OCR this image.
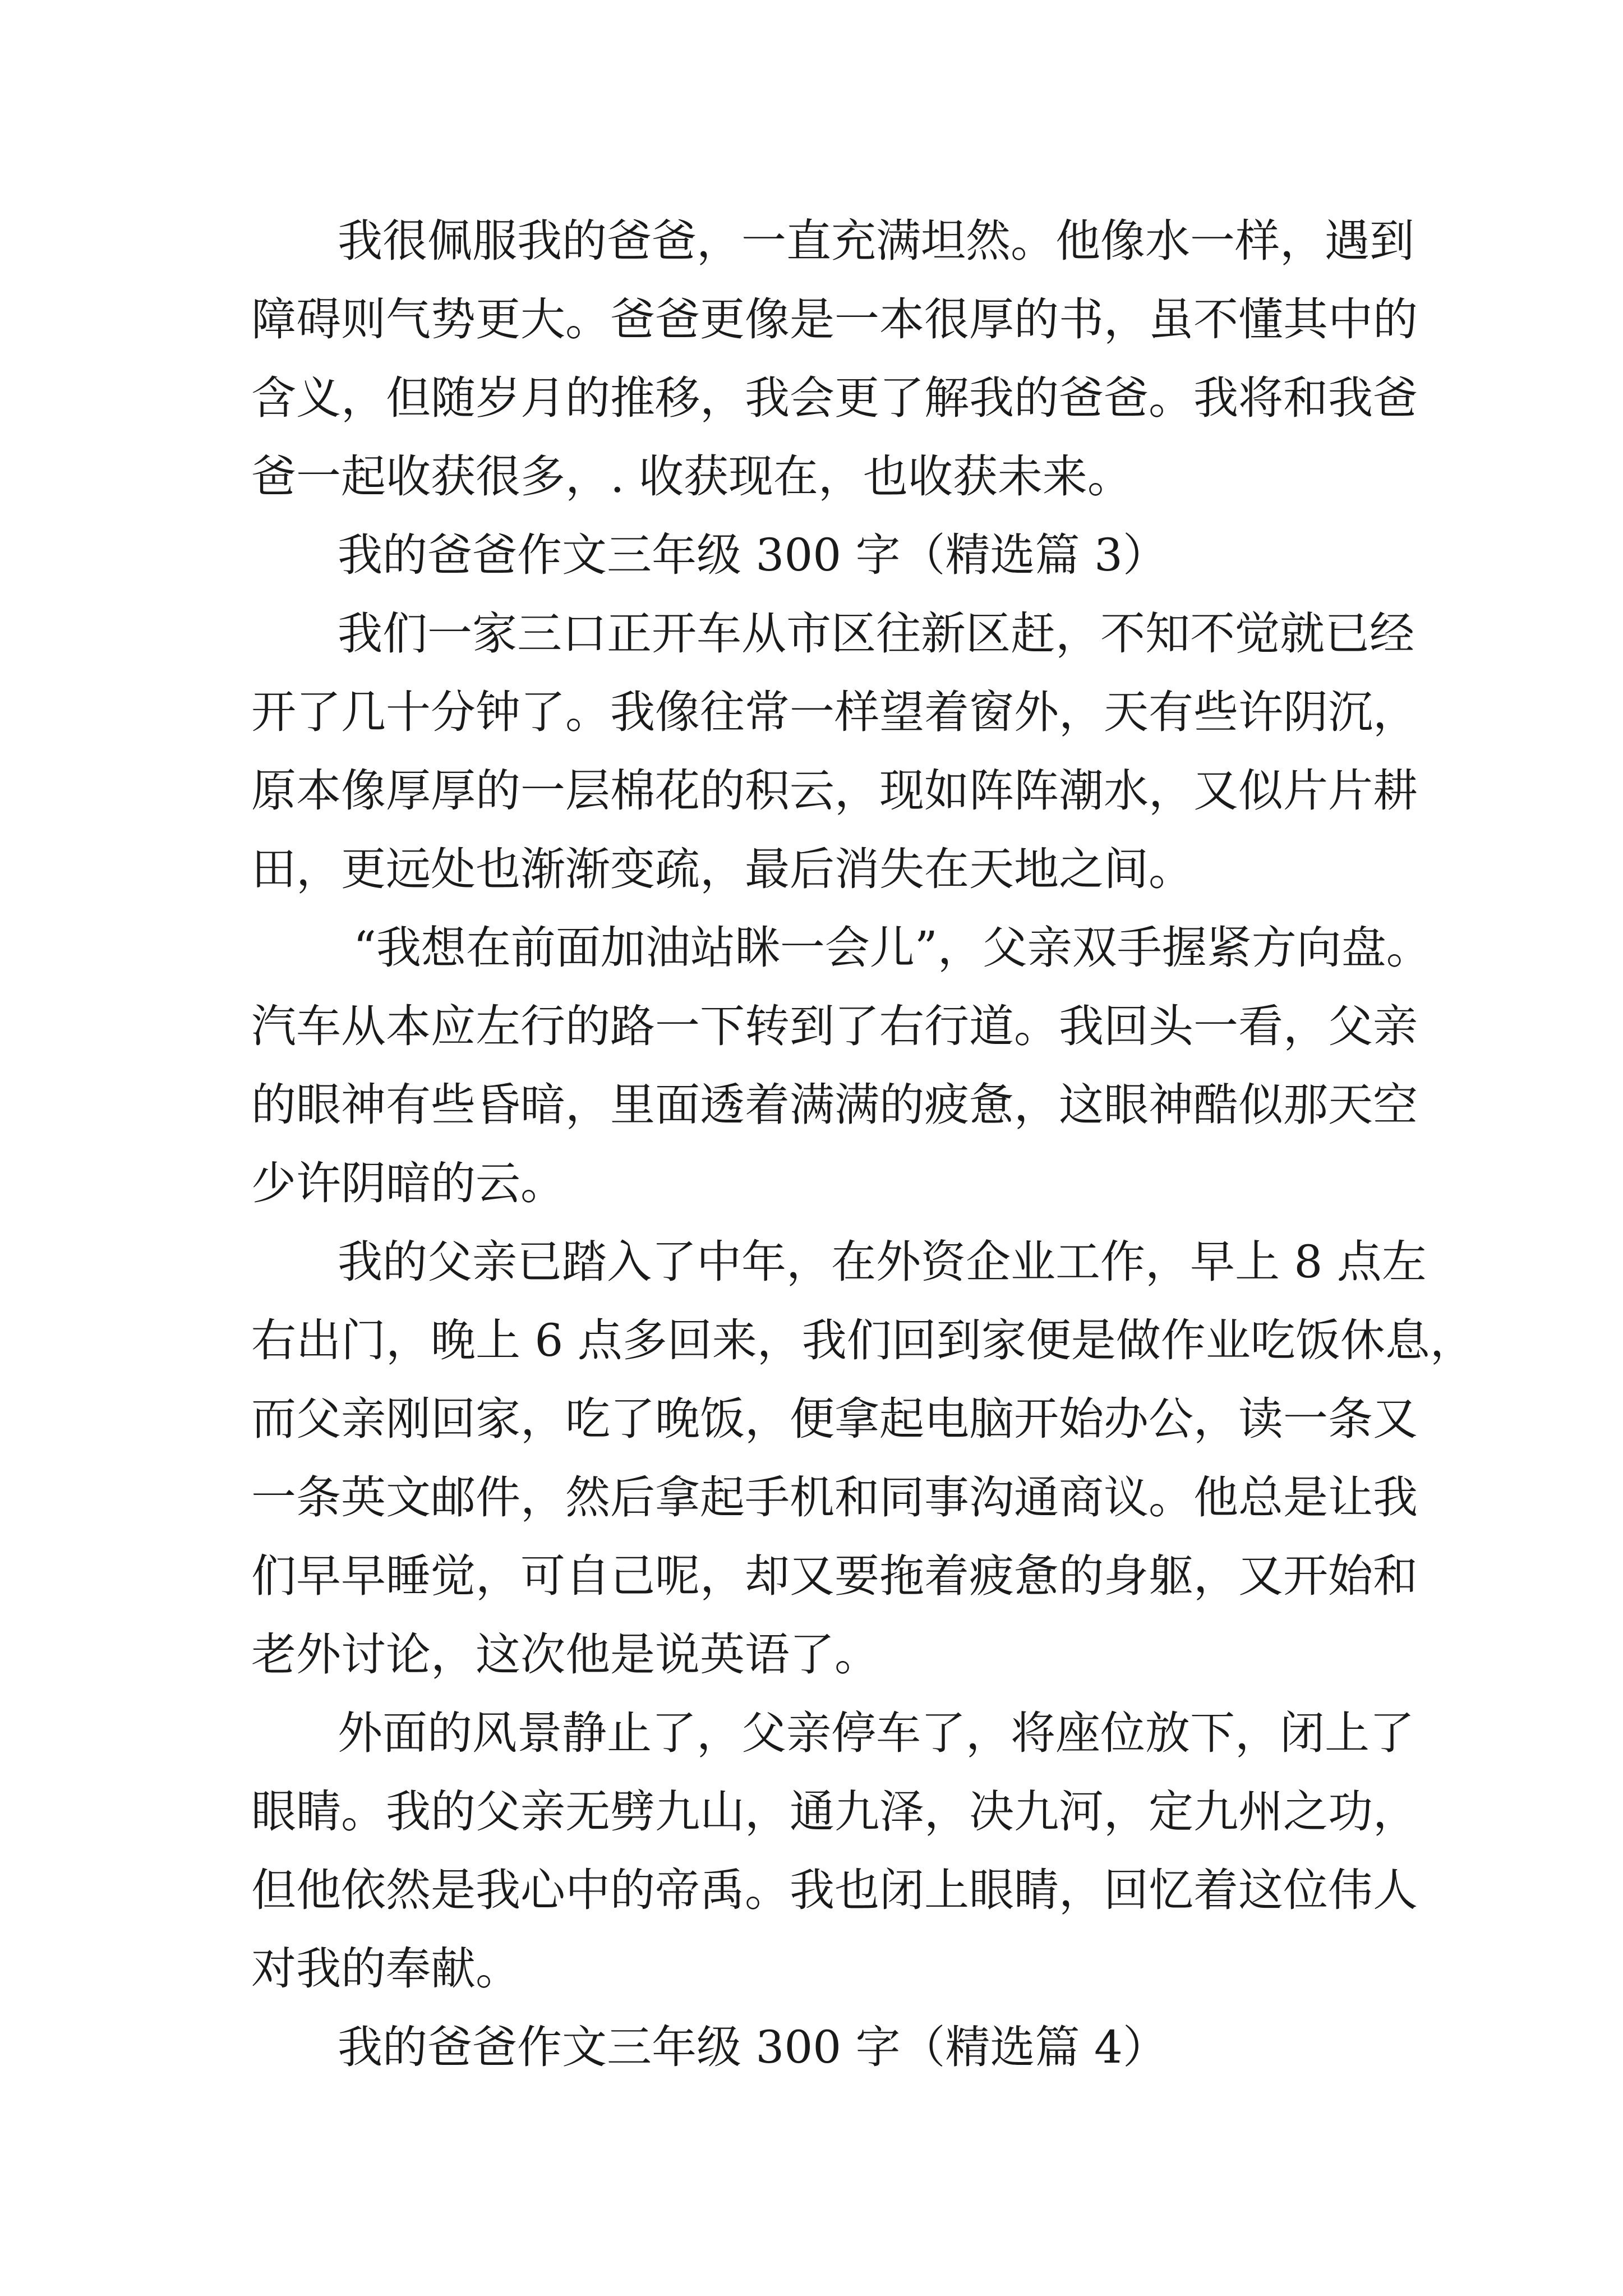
我很佩服我的爸爸，一直充满坦然。他像水一样，遇到
障碍则气势更大。爸爸更像是一本很厚的书，虽不懂其中的
含义，但随岁月的推移，我会更了解我的爸爸。我将和我爸
爸一起收获很多，. 收获现在，也收获未来。
我的爸爸作文三年级 300 字（精选篇 3）
我们一家三口正开车从市区往新区赶，不知不觉就已经
开了几十分钟了。我像往常一样望着窗外，天有些许阴沉，
原本像厚厚的一层棉花的积云，现如阵阵潮水，又似片片耕
田，更远处也渐渐变疏，最后消失在天地之间。
“我想在前面加油站眯一会儿”，父亲双手握紧方向盘。
汽车从本应左行的路一下转到了右行道。我回头一看，父亲
的眼神有些昏暗，里面透着满满的疲惫，这眼神酷似那天空
少许阴暗的云。
我的父亲已踏入了中年，在外资企业工作，早上 8 点左
右出门，晚上 6 点多回来，我们回到家便是做作业吃饭休息，
而父亲刚回家，吃了晚饭，便拿起电脑开始办公，读一条又
一条英文邮件，然后拿起手机和同事沟通商议。他总是让我
们早早睡觉，可自己呢，却又要拖着疲惫的身躯，又开始和
老外讨论，这次他是说英语了。
外面的风景静止了，父亲停车了，将座位放下，闭上了
眼睛。我的父亲无劈九山，通九泽，决九河，定九州之功，
但他依然是我心中的帝禹。我也闭上眼睛，回忆着这位伟人
对我的奉献。
我的爸爸作文三年级 300 字（精选篇 4）
